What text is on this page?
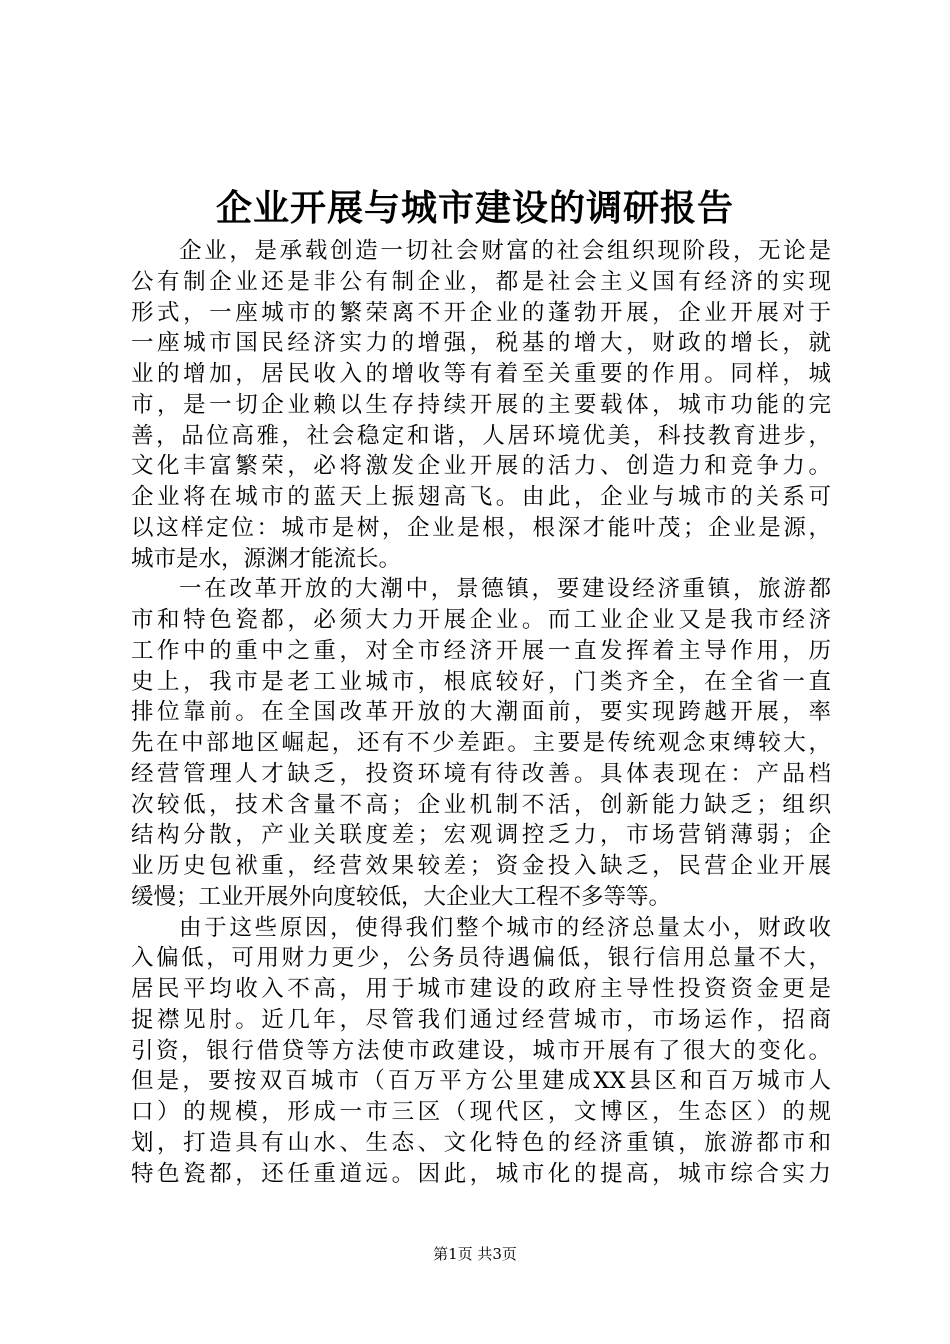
企业开展与城市建设的调研报告
企业，是承载创造一切社会财富的社会组织现阶段，无论是
公有制企业还是非公有制企业，都是社会主义国有经济的实现
形式，一座城市的繁荣离不开企业的蓬勃开展，企业开展对于
一座城市国民经济实力的增强，税基的增大，财政的增长，就
业的增加，居民收入的增收等有着至关重要的作用。同样，城
市，是一切企业赖以生存持续开展的主要载体，城市功能的完
善，品位高雅，社会稳定和谐，人居环境优美，科技教育进步，
文化丰富繁荣，必将激发企业开展的活力、创造力和竞争力。
企业将在城市的蓝天上振翅高飞。由此，企业与城市的关系可
以这样定位：城市是树，企业是根，根深才能叶茂；企业是源，
城市是水，源渊才能流长。
一在改革开放的大潮中，景德镇，要建设经济重镇，旅游都
市和特色瓷都，必须大力开展企业。而工业企业又是我市经济
工作中的重中之重，对全市经济开展一直发挥着主导作用，历
史上，我市是老工业城市，根底较好，门类齐全，在全省一直
排位靠前。在全国改革开放的大潮面前，要实现跨越开展，率
先在中部地区崛起，还有不少差距。主要是传统观念束缚较大，
经营管理人才缺乏，投资环境有待改善。具体表现在：产品档
次较低，技术含量不高；企业机制不活，创新能力缺乏；组织
结构分散，产业关联度差；宏观调控乏力，市场营销薄弱；企
业历史包袱重，经营效果较差；资金投入缺乏，民营企业开展
缓慢；工业开展外向度较低，大企业大工程不多等等。
由于这些原因，使得我们整个城市的经济总量太小，财政收
入偏低，可用财力更少，公务员待遇偏低，银行信用总量不大，
居民平均收入不高，用于城市建设的政府主导性投资资金更是
捉襟见肘。近几年，尽管我们通过经营城市，市场运作，招商
引资，银行借贷等方法使市政建设，城市开展有了很大的变化。
但是，要按双百城市（百万平方公里建成XX县区和百万城市人
口）的规模，形成一市三区（现代区，文博区，生态区）的规
划，打造具有山水、生态、文化特色的经济重镇，旅游都市和
特色瓷都，还任重道远。因此，城市化的提高，城市综合实力
第1页 共3页
